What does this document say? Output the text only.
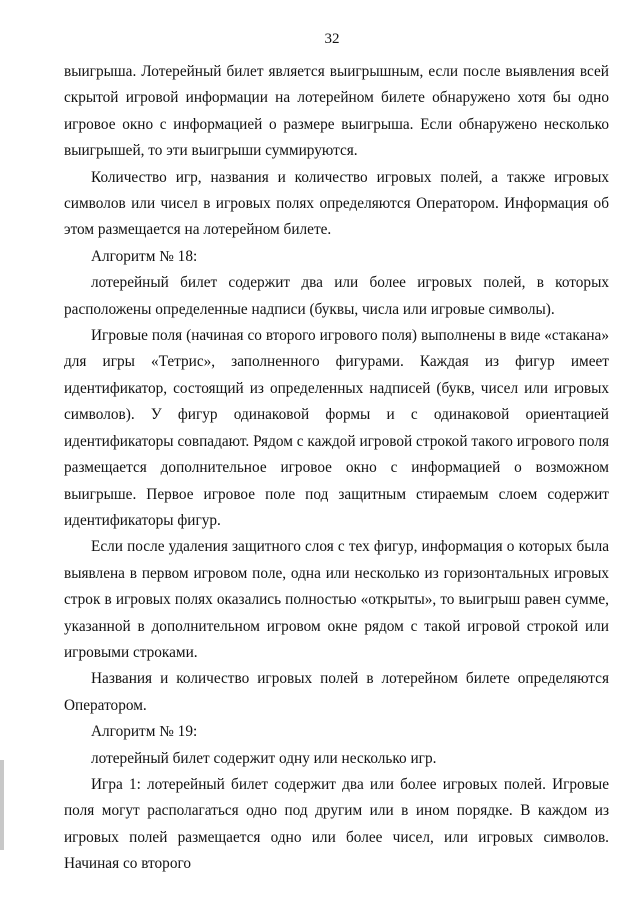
32

выигрыша. Лотерейный билет является выигрышным, если после выявления всей скрытой игровой информации на лотерейном билете обнаружено хотя бы одно игровое окно с информацией о размере выигрыша. Если обнаружено несколько выигрышей, то эти выигрыши суммируются.

Количество игр, названия и количество игровых полей, а также игровых символов или чисел в игровых полях определяются Оператором. Информация об этом размещается на лотерейном билете.

Алгоритм № 18:

лотерейный билет содержит два или более игровых полей, в которых расположены определенные надписи (буквы, числа или игровые символы).

Игровые поля (начиная со второго игрового поля) выполнены в виде «стакана» для игры «Тетрис», заполненного фигурами. Каждая из фигур имеет идентификатор, состоящий из определенных надписей (букв, чисел или игровых символов). У фигур одинаковой формы и с одинаковой ориентацией идентификаторы совпадают. Рядом с каждой игровой строкой такого игрового поля размещается дополнительное игровое окно с информацией о возможном выигрыше. Первое игровое поле под защитным стираемым слоем содержит идентификаторы фигур.

Если после удаления защитного слоя с тех фигур, информация о которых была выявлена в первом игровом поле, одна или несколько из горизонтальных игровых строк в игровых полях оказались полностью «открыты», то выигрыш равен сумме, указанной в дополнительном игровом окне рядом с такой игровой строкой или игровыми строками.

Названия и количество игровых полей в лотерейном билете определяются Оператором.

Алгоритм № 19:

лотерейный билет содержит одну или несколько игр.

Игра 1: лотерейный билет содержит два или более игровых полей. Игровые поля могут располагаться одно под другим или в ином порядке. В каждом из игровых полей размещается одно или более чисел, или игровых символов. Начиная со второго
